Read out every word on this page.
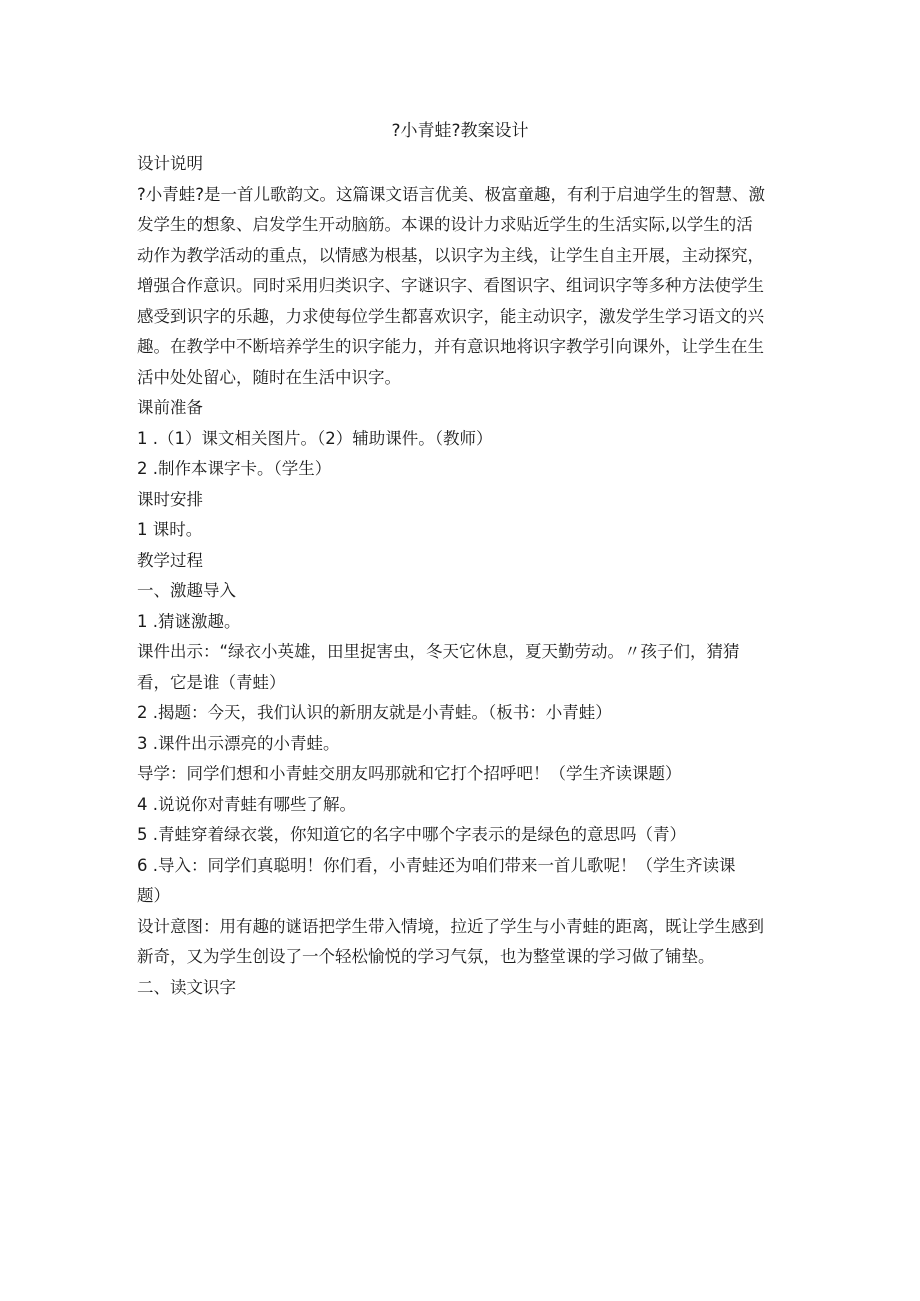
?小青蛙?教案设计

设计说明

?小青蛙?是一首儿歌韵文。这篇课文语言优美、极富童趣，有利于启迪学生的智慧、激
发学生的想象、启发学生开动脑筋。本课的设计力求贴近学生的生活实际,以学生的活
动作为教学活动的重点，以情感为根基，以识字为主线，让学生自主开展，主动探究，
增强合作意识。同时采用归类识字、字谜识字、看图识字、组词识字等多种方法使学生
感受到识字的乐趣，力求使每位学生都喜欢识字，能主动识字，激发学生学习语文的兴
趣。在教学中不断培养学生的识字能力，并有意识地将识字教学引向课外，让学生在生
活中处处留心，随时在生活中识字。

课前准备

1 .（1）课文相关图片。（2）辅助课件。（教师）

2 .制作本课字卡。（学生）

课时安排

1 课时。

教学过程

一、激趣导入

1 .猜谜激趣。

课件出示：“绿衣小英雄，田里捉害虫，冬天它休息，夏天勤劳动。〃孩子们，猜猜
看，它是谁（青蛙）

2 .揭题：今天，我们认识的新朋友就是小青蛙。（板书：小青蛙）

3 .课件出示漂亮的小青蛙。

导学：同学们想和小青蛙交朋友吗那就和它打个招呼吧！（学生齐读课题）

4 .说说你对青蛙有哪些了解。

5 .青蛙穿着绿衣裳，你知道它的名字中哪个字表示的是绿色的意思吗（青）

6 .导入：同学们真聪明！你们看，小青蛙还为咱们带来一首儿歌呢！（学生齐读课
题）

设计意图：用有趣的谜语把学生带入情境，拉近了学生与小青蛙的距离，既让学生感到
新奇，又为学生创设了一个轻松愉悦的学习气氛，也为整堂课的学习做了铺垫。

二、读文识字
